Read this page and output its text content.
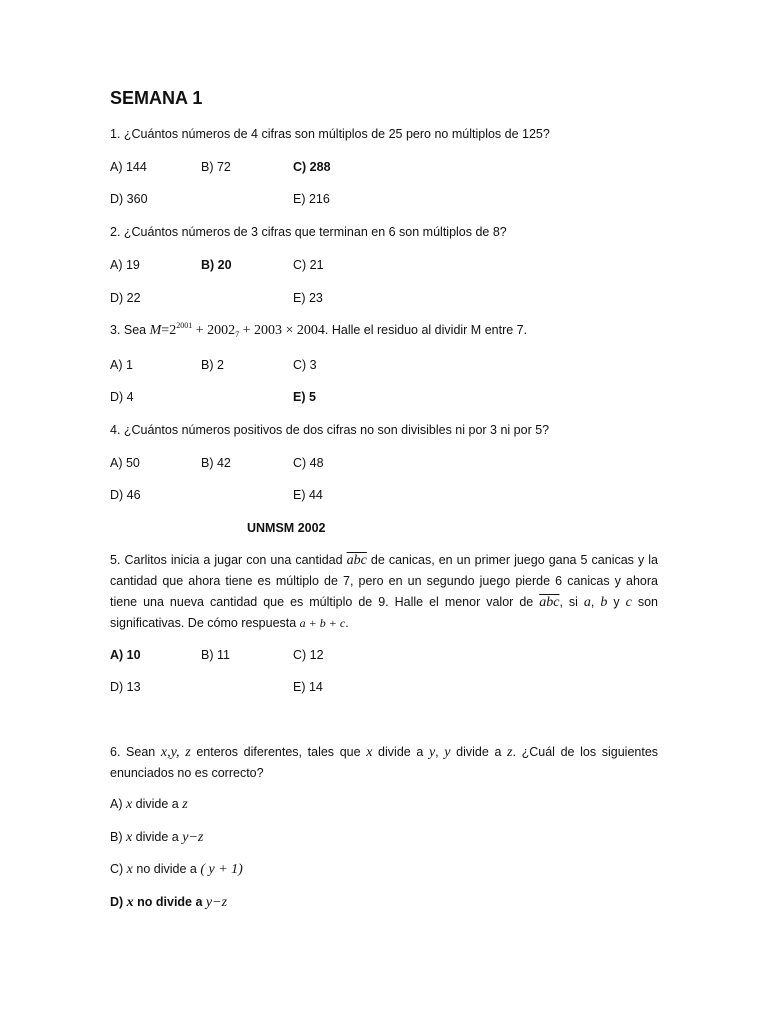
SEMANA 1
1. ¿Cuántos números de 4 cifras son múltiplos de 25 pero no múltiplos de 125?
A) 144	B) 72	C) 288
D) 360	E) 216
2. ¿Cuántos números de 3 cifras que terminan en 6 son múltiplos de 8?
A) 19	B) 20	C) 21
D) 22	E) 23
3. Sea $M=2^{2001} + 2002_7 + 2003 \times 2004$. Halle el residuo al dividir M entre 7.
A) 1	B) 2	C) 3
D) 4	E) 5
4. ¿Cuántos números positivos de dos cifras no son divisibles ni por 3 ni por 5?
A) 50	B) 42	C) 48
D) 46	E) 44
UNMSM 2002
5. Carlitos inicia a jugar con una cantidad $\overline{abc}$ de canicas, en un primer juego gana 5 canicas y la cantidad que ahora tiene es múltiplo de 7, pero en un segundo juego pierde 6 canicas y ahora tiene una nueva cantidad que es múltiplo de 9. Halle el menor valor de $\overline{abc}$, si a, b y c son significativas. De cómo respuesta a + b + c.
A) 10	B) 11	C) 12
D) 13	E) 14
6. Sean x,y, z enteros diferentes, tales que x divide a y, y divide a z. ¿Cuál de los siguientes enunciados no es correcto?
A) x divide a z
B) x divide a y−z
C) x no divide a ( y + 1)
D) x no divide a y−z
